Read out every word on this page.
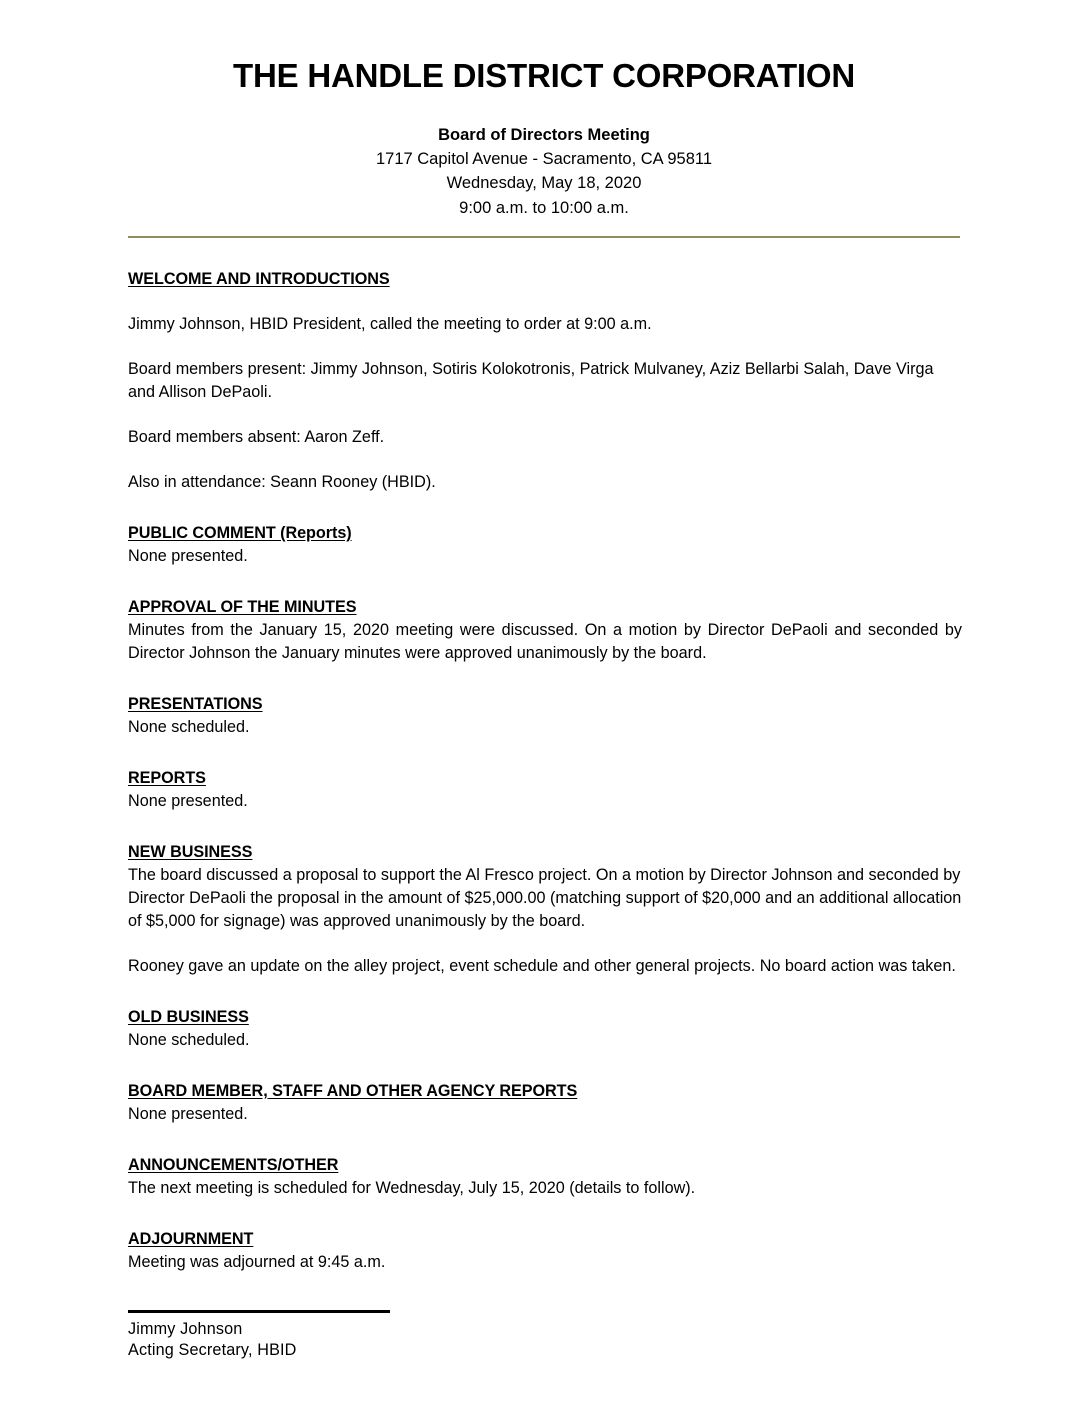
THE HANDLE DISTRICT CORPORATION
Board of Directors Meeting
1717 Capitol Avenue - Sacramento, CA 95811
Wednesday, May 18, 2020
9:00 a.m. to 10:00 a.m.
WELCOME AND INTRODUCTIONS

Jimmy Johnson, HBID President, called the meeting to order at 9:00 a.m.

Board members present: Jimmy Johnson, Sotiris Kolokotronis, Patrick Mulvaney, Aziz Bellarbi Salah, Dave Virga and Allison DePaoli.

Board members absent: Aaron Zeff.

Also in attendance: Seann Rooney (HBID).

PUBLIC COMMENT (Reports)

None presented.

APPROVAL OF THE MINUTES

Minutes from the January 15, 2020 meeting were discussed. On a motion by Director DePaoli and seconded by Director Johnson the January minutes were approved unanimously by the board.

PRESENTATIONS

None scheduled.

REPORTS

None presented.

NEW BUSINESS

The board discussed a proposal to support the Al Fresco project. On a motion by Director Johnson and seconded by Director DePaoli the proposal in the amount of $25,000.00 (matching support of $20,000 and an additional allocation of $5,000 for signage) was approved unanimously by the board.

Rooney gave an update on the alley project, event schedule and other general projects. No board action was taken.

OLD BUSINESS

None scheduled.

BOARD MEMBER, STAFF AND OTHER AGENCY REPORTS

None presented.

ANNOUNCEMENTS/OTHER

The next meeting is scheduled for Wednesday, July 15, 2020 (details to follow).

ADJOURNMENT

Meeting was adjourned at 9:45 a.m.

Jimmy Johnson
Acting Secretary, HBID
